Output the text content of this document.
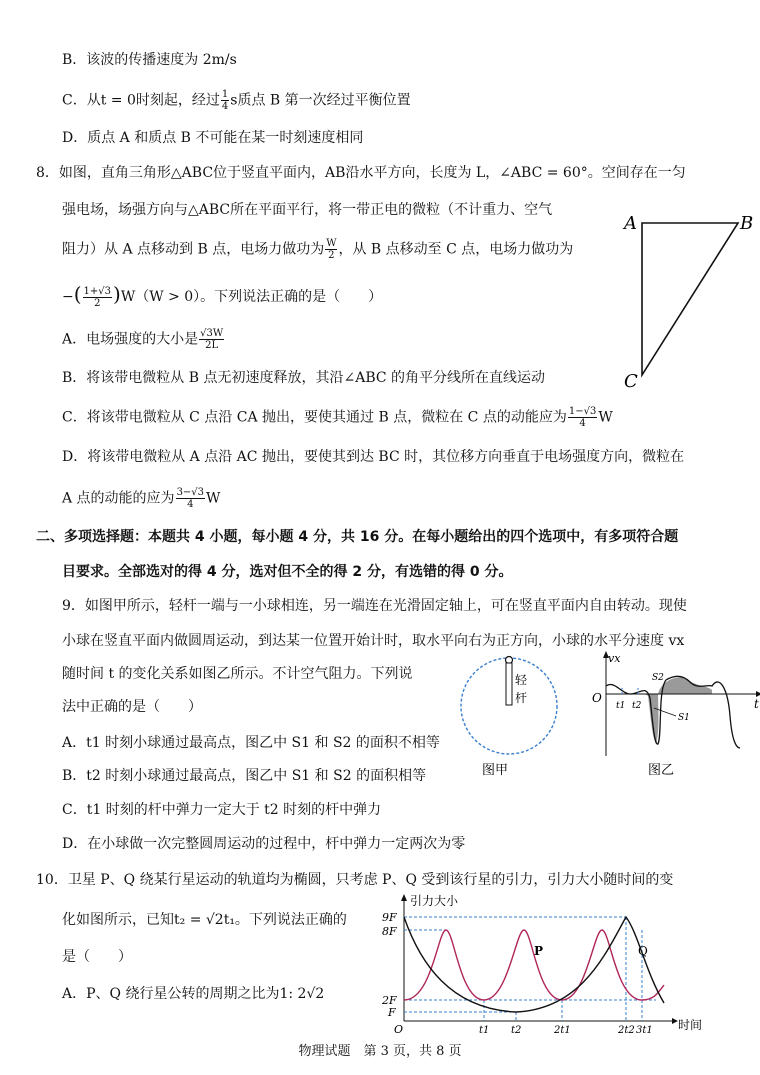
B．该波的传播速度为 2m/s
C．从t = 0时刻起，经过 $\frac{1}{4}$ s质点 B 第一次经过平衡位置
D．质点 A 和质点 B 不可能在某一时刻速度相同
8．如图，直角三角形△ABC位于竖直平面内，AB沿水平方向，长度为 L，∠ABC = 60°。空间存在一匀
强电场，场强方向与△ABC所在平面平行，将一带正电的微粒（不计重力、空气
阻力）从 A 点移动到 B 点，电场力做功为 $\frac{W}{2}$ ，从 B 点移动至 C 点，电场力做功为
−( $\frac{1+√3}{2} )W(W > 0)$。下列说法正确的是（　　）
A．电场强度的大小是 $\frac{√3W}{2L}$
B．将该带电微粒从 B 点无初速度释放，其沿∠ABC 的角平分线所在直线运动
C．将该带电微粒从 C 点沿 CA 抛出，要使其通过 B 点，微粒在 C 点的动能应为 $\frac{1-√3}{4}$ W
D．将该带电微粒从 A 点沿 AC 抛出，要使其到达 BC 时，其位移方向垂直于电场强度方向，微粒在
A 点的动能的应为 $\frac{3-√3}{4}$ W
A	B
C
二、多项选择题：本题共 4 小题，每小题 4 分，共 16 分。在每小题给出的四个选项中，有多项符合题
目要求。全部选对的得 4 分，选对但不全的得 2 分，有选错的得 0 分。
9．如图甲所示，轻杆一端与一小球相连，另一端连在光滑固定轴上，可在竖直平面内自由转动。现使
小球在竖直平面内做圆周运动，到达某一位置开始计时，取水平向右为正方向，小球的水平分速度 vx
随时间 t 的变化关系如图乙所示。不计空气阻力。下列说
法中正确的是（　　）
A．t1 时刻小球通过最高点，图乙中 S1 和 S2 的面积不相等
B．t2 时刻小球通过最高点，图乙中 S1 和 S2 的面积相等
C．t1 时刻的杆中弹力一定大于 t2 时刻的杆中弹力
D．在小球做一次完整圆周运动的过程中，杆中弹力一定两次为零
轻
杆
图甲
vx
t
O
t1 t2
S2
S1
图乙
10．卫星 P、Q 绕某行星运动的轨道均为椭圆，只考虑 P、Q 受到该行星的引力，引力大小随时间的变
化如图所示，已知t₂ = √2t₁。下列说法正确的
是（　　）
A．P、Q 绕行星公转的周期之比为1: 2√2
引力大小
时间
9F
8F
2F
F
O	t1 t2	2t1	2t2 3t1
P	Q
物理试题　第 3 页，共 8 页
